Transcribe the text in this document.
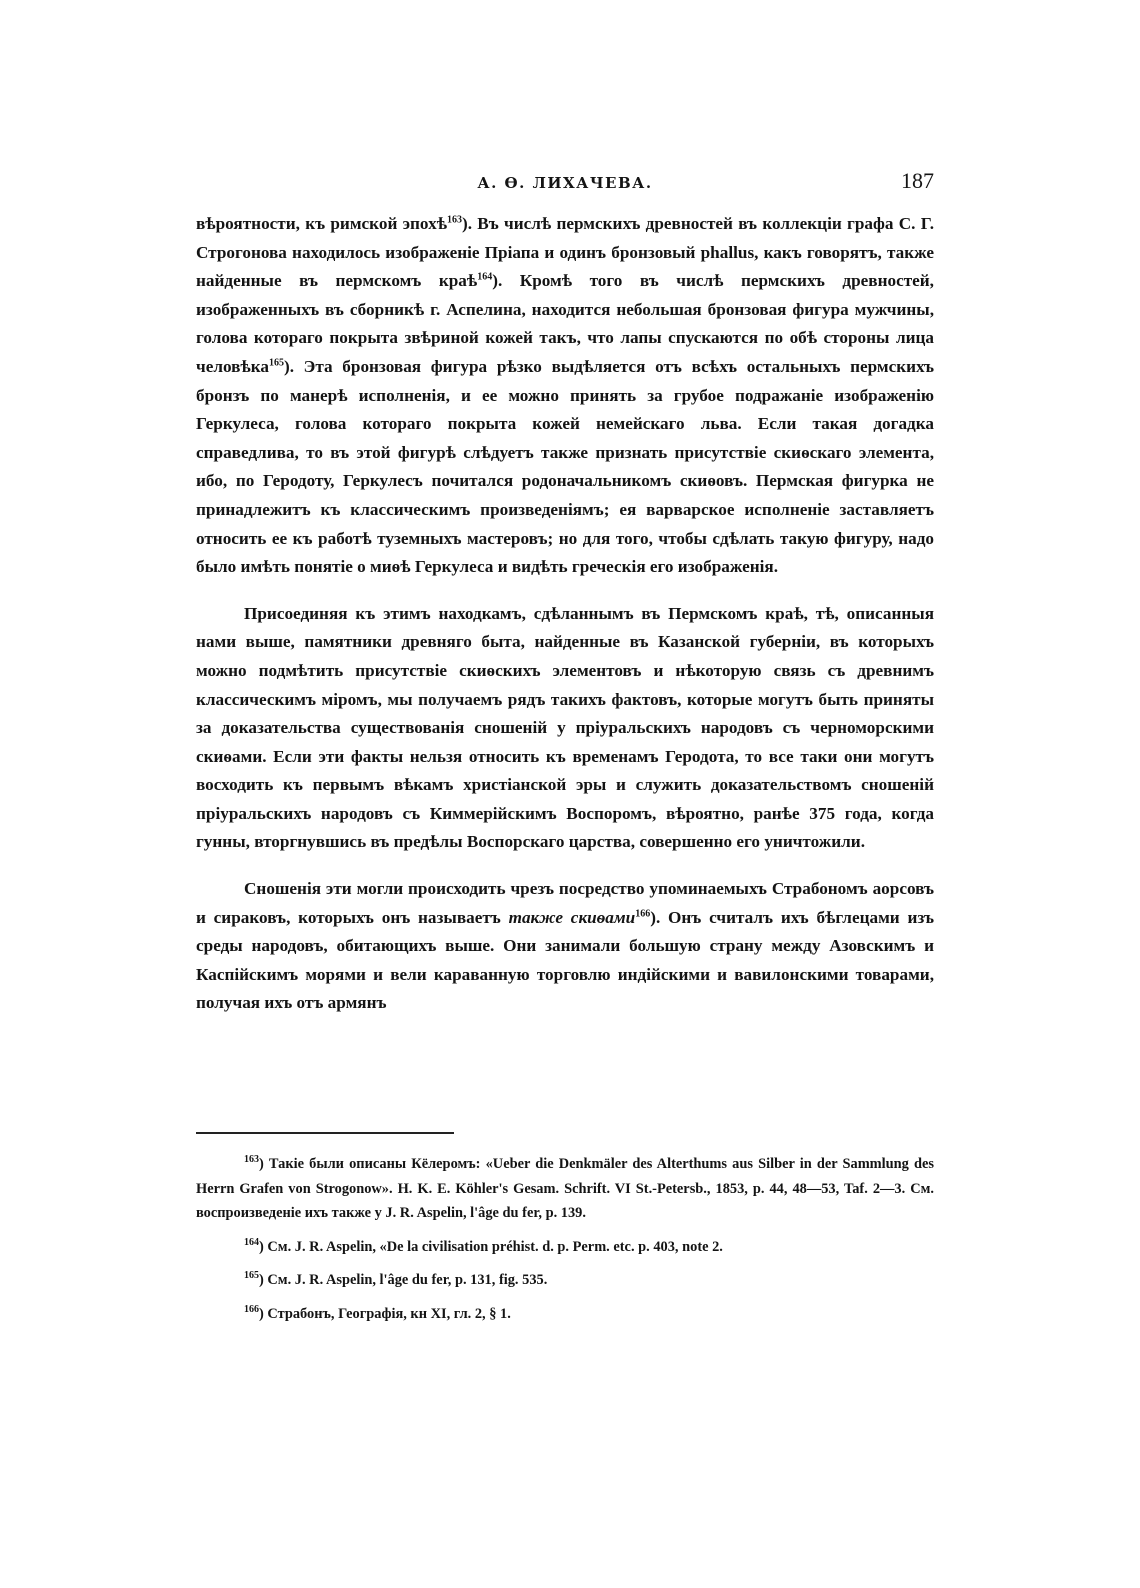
А. Ѳ. ЛИХАЧЕВА.	187

вѣроятности, къ римской эпохѣ$^{163}$). Въ числѣ пермскихъ древностей въ коллекціи графа С. Г. Строгонова находилось изображеніе Пріапа и одинъ бронзовый phallus, какъ говорятъ, также найденные въ пермскомъ краѣ$^{164}$). Кромѣ того въ числѣ пермскихъ древностей, изображенныхъ въ сборникѣ г. Аспелина, находится небольшая бронзовая фигура мужчины, голова котораго покрыта звѣриной кожей такъ, что лапы спускаются по обѣ стороны лица человѣка$^{165}$). Эта бронзовая фигура рѣзко выдѣляется отъ всѣхъ остальныхъ пермскихъ бронзъ по манерѣ исполненія, и ее можно принять за грубое подражаніе изображенію Геркулеса, голова котораго покрыта кожей немейскаго льва. Если такая догадка справедлива, то въ этой фигурѣ слѣдуетъ также признать присутствіе скиѳскаго элемента, ибо, по Геродоту, Геркулесъ почитался родоначальникомъ скиѳовъ. Пермская фигурка не принадлежитъ къ классическимъ произведеніямъ; ея варварское исполненіе заставляетъ относить ее къ работѣ туземныхъ мастеровъ; но для того, чтобы сдѣлать такую фигуру, надо было имѣть понятіе о миѳѣ Геркулеса и видѣть греческія его изображенія.

Присоединяя къ этимъ находкамъ, сдѣланнымъ въ Пермскомъ краѣ, тѣ, описанныя нами выше, памятники древняго быта, найденные въ Казанской губерніи, въ которыхъ можно подмѣтить присутствіе скиѳскихъ элементовъ и нѣкоторую связь съ древнимъ классическимъ міромъ, мы получаемъ рядъ такихъ фактовъ, которые могутъ быть приняты за доказательства существованія сношеній у пріуральскихъ народовъ съ черноморскими скиѳами. Если эти факты нельзя относить къ временамъ Геродота, то все таки они могутъ восходить къ первымъ вѣкамъ христіанской эры и служить доказательствомъ сношеній пріуральскихъ народовъ съ Киммерійскимъ Воспоромъ, вѣроятно, ранѣе 375 года, когда гунны, вторгнувшись въ предѣлы Воспорскаго царства, совершенно его уничтожили.

Сношенія эти могли происходить чрезъ посредство упоминаемыхъ Страбономъ аорсовъ и сираковъ, которыхъ онъ называетъ также скиѳами$^{166}$). Онъ считалъ ихъ бѣглецами изъ среды народовъ, обитающихъ выше. Они занимали большую страну между Азовскимъ и Каспійскимъ морями и вели караванную торговлю индійскими и вавилонскими товарами, получая ихъ отъ армянъ

$^{163}$) Такіе были описаны Кёлеромъ: «Ueber die Denkmäler des Alterthums aus Silber in der Sammlung des Herrn Grafen von Strogonow». H. K. E. Köhler's Gesam. Schrift. VI St.-Petersb., 1853, p. 44, 48—53, Taf. 2—3. См. воспроизведеніе ихъ также у J. R. Aspelin, l'âge du fer, p. 139.

$^{164}$) См. J. R. Aspelin, «De la civilisation préhist. d. p. Perm. etc. p. 403, note 2.

$^{165}$) См. J. R. Aspelin, l'âge du fer, p. 131, fig. 535.

$^{166}$) Страбонъ, Географія, кн XI, гл. 2, § 1.
